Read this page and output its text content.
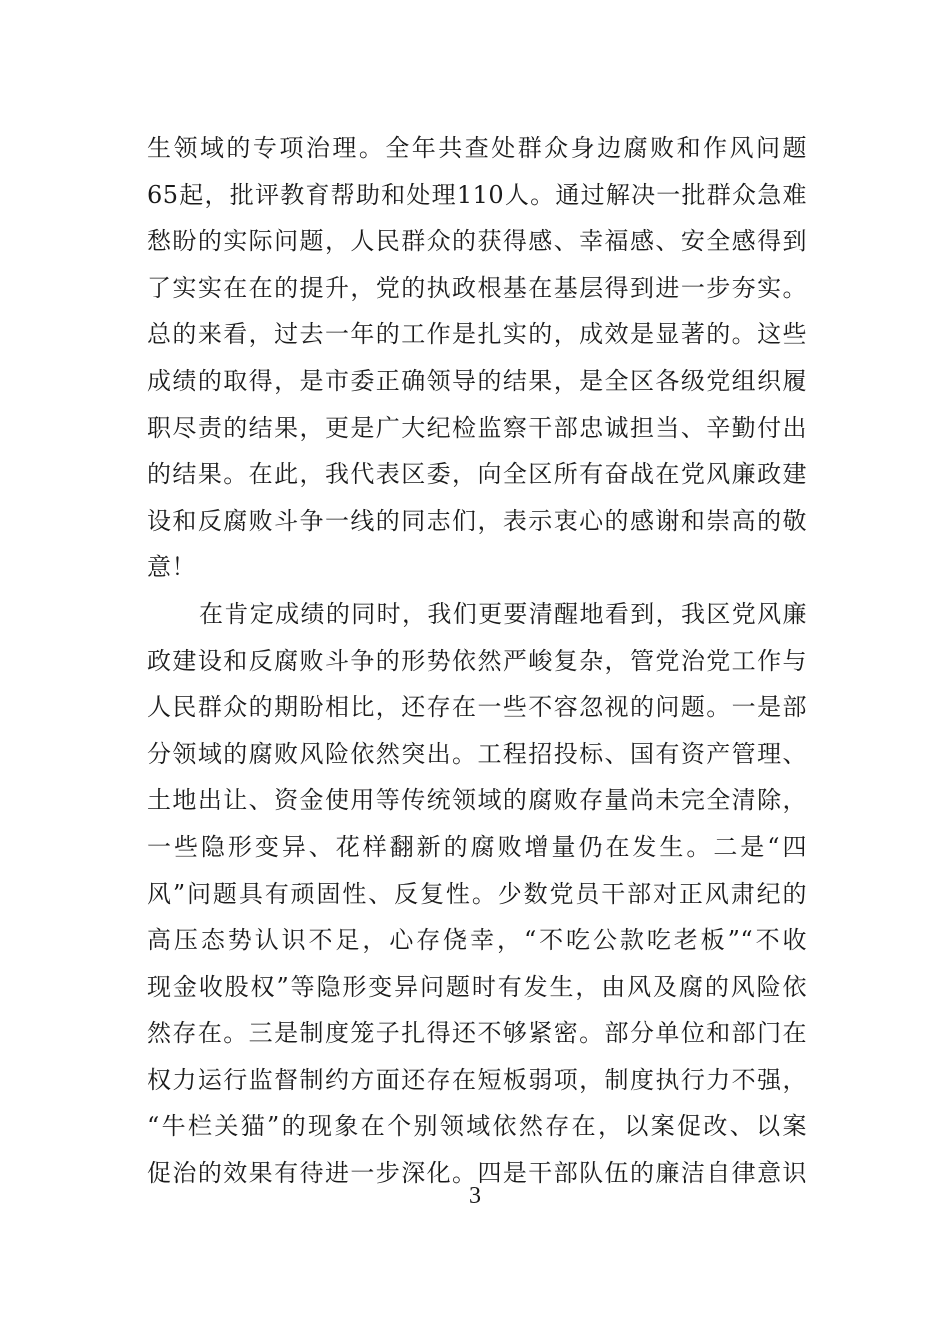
生领域的专项治理。全年共查处群众身边腐败和作风问题
65起，批评教育帮助和处理110人。通过解决一批群众急难
愁盼的实际问题，人民群众的获得感、幸福感、安全感得到
了实实在在的提升，党的执政根基在基层得到进一步夯实。
总的来看，过去一年的工作是扎实的，成效是显著的。这些
成绩的取得，是市委正确领导的结果，是全区各级党组织履
职尽责的结果，更是广大纪检监察干部忠诚担当、辛勤付出
的结果。在此，我代表区委，向全区所有奋战在党风廉政建
设和反腐败斗争一线的同志们，表示衷心的感谢和崇高的敬
意！
在肯定成绩的同时，我们更要清醒地看到，我区党风廉
政建设和反腐败斗争的形势依然严峻复杂，管党治党工作与
人民群众的期盼相比，还存在一些不容忽视的问题。一是部
分领域的腐败风险依然突出。工程招投标、国有资产管理、
土地出让、资金使用等传统领域的腐败存量尚未完全清除，
一些隐形变异、花样翻新的腐败增量仍在发生。二是“四
风”问题具有顽固性、反复性。少数党员干部对正风肃纪的
高压态势认识不足，心存侥幸，“不吃公款吃老板”“不收
现金收股权”等隐形变异问题时有发生，由风及腐的风险依
然存在。三是制度笼子扎得还不够紧密。部分单位和部门在
权力运行监督制约方面还存在短板弱项，制度执行力不强，
“牛栏关猫”的现象在个别领域依然存在，以案促改、以案
促治的效果有待进一步深化。四是干部队伍的廉洁自律意识
3
